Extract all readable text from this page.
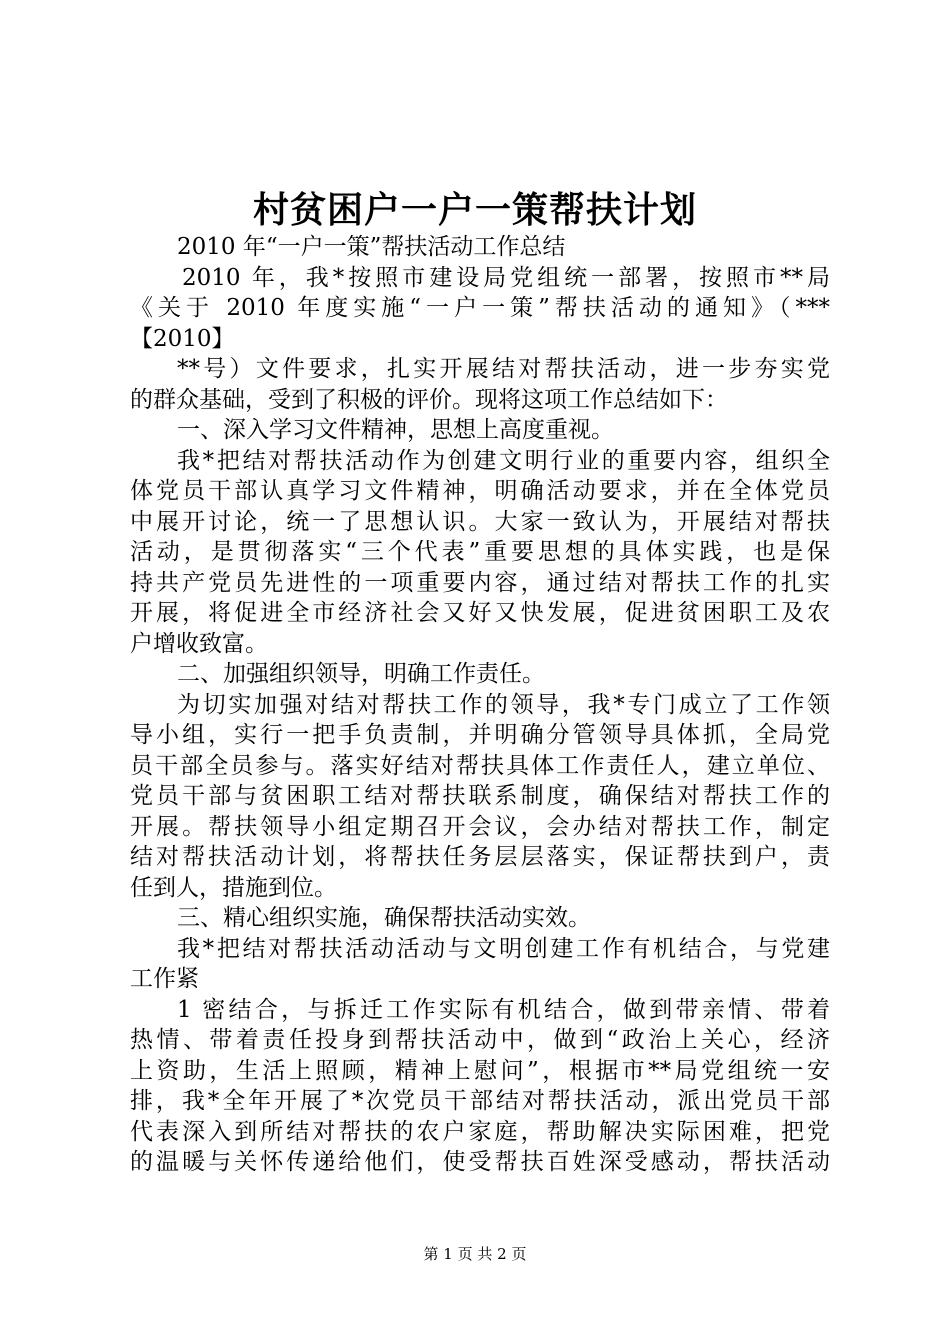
村贫困户一户一策帮扶计划
2010 年“一户一策”帮扶活动工作总结
2010 年，我*按照市建设局党组统一部署，按照市**局
《关于 2010 年度实施“一户一策”帮扶活动的通知》（***
【2010】
**号）文件要求，扎实开展结对帮扶活动，进一步夯实党
的群众基础，受到了积极的评价。现将这项工作总结如下：
一、深入学习文件精神，思想上高度重视。
我*把结对帮扶活动作为创建文明行业的重要内容，组织全
体党员干部认真学习文件精神，明确活动要求，并在全体党员
中展开讨论，统一了思想认识。大家一致认为，开展结对帮扶
活动，是贯彻落实“三个代表”重要思想的具体实践，也是保
持共产党员先进性的一项重要内容，通过结对帮扶工作的扎实
开展，将促进全市经济社会又好又快发展，促进贫困职工及农
户增收致富。
二、加强组织领导，明确工作责任。
为切实加强对结对帮扶工作的领导，我*专门成立了工作领
导小组，实行一把手负责制，并明确分管领导具体抓，全局党
员干部全员参与。落实好结对帮扶具体工作责任人，建立单位、
党员干部与贫困职工结对帮扶联系制度，确保结对帮扶工作的
开展。帮扶领导小组定期召开会议，会办结对帮扶工作，制定
结对帮扶活动计划，将帮扶任务层层落实，保证帮扶到户，责
任到人，措施到位。
三、精心组织实施，确保帮扶活动实效。
我*把结对帮扶活动活动与文明创建工作有机结合，与党建
工作紧
1 密结合，与拆迁工作实际有机结合，做到带亲情、带着
热情、带着责任投身到帮扶活动中，做到“政治上关心，经济
上资助，生活上照顾，精神上慰问”，根据市**局党组统一安
排，我*全年开展了*次党员干部结对帮扶活动，派出党员干部
代表深入到所结对帮扶的农户家庭，帮助解决实际困难，把党
的温暖与关怀传递给他们，使受帮扶百姓深受感动，帮扶活动
第 1 页 共 2 页
